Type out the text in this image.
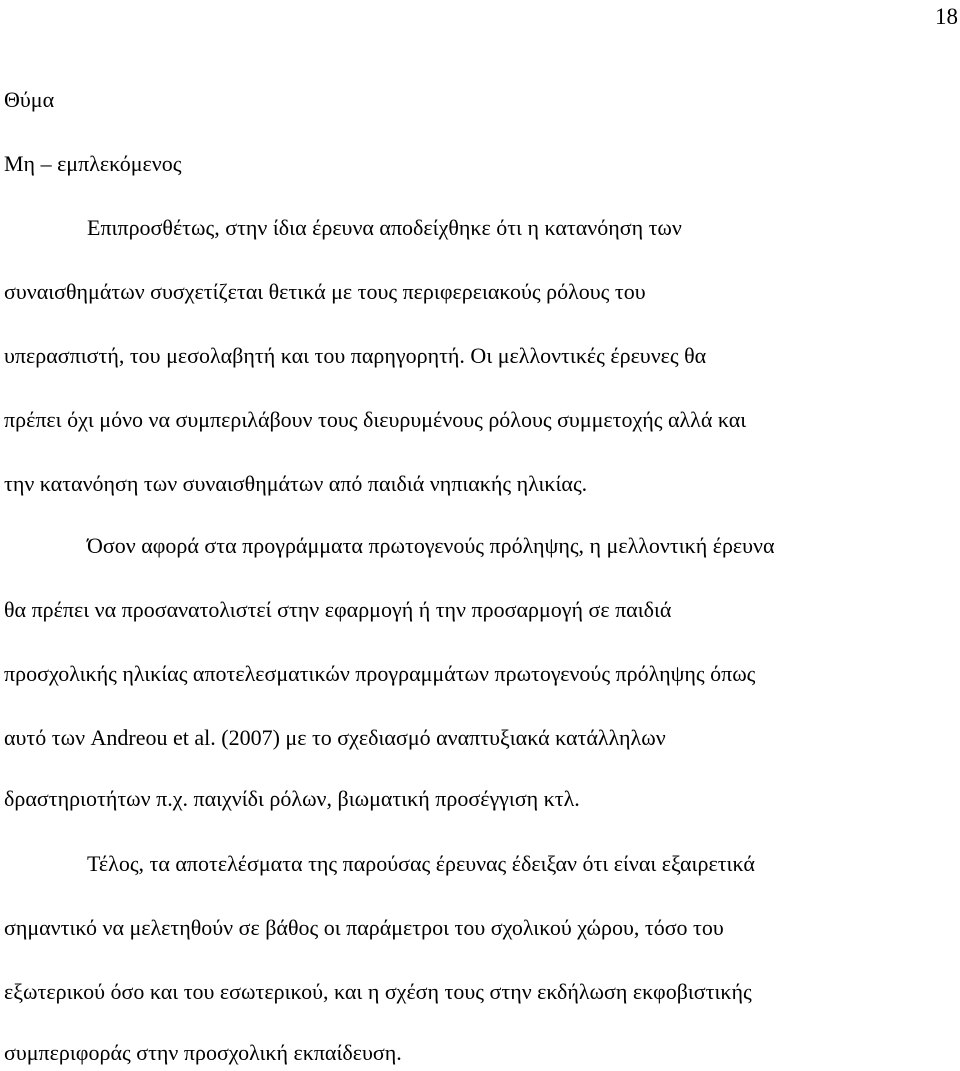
18
Θύμα
Μη – εμπλεκόμενος
Επιπροσθέτως, στην ίδια έρευνα αποδείχθηκε ότι η κατανόηση των
συναισθημάτων συσχετίζεται θετικά με τους περιφερειακούς ρόλους του
υπερασπιστή, του μεσολαβητή και του παρηγορητή. Οι μελλοντικές έρευνες θα
πρέπει όχι μόνο να συμπεριλάβουν τους διευρυμένους ρόλους συμμετοχής αλλά και
την κατανόηση των συναισθημάτων από παιδιά νηπιακής ηλικίας.
Όσον αφορά στα προγράμματα πρωτογενούς πρόληψης, η μελλοντική έρευνα
θα πρέπει να προσανατολιστεί στην εφαρμογή ή την προσαρμογή σε παιδιά
προσχολικής ηλικίας αποτελεσματικών προγραμμάτων πρωτογενούς πρόληψης όπως
αυτό των Andreou et al. (2007) με το σχεδιασμό αναπτυξιακά κατάλληλων
δραστηριοτήτων π.χ. παιχνίδι ρόλων, βιωματική προσέγγιση κτλ.
Τέλος, τα αποτελέσματα της παρούσας έρευνας έδειξαν ότι είναι εξαιρετικά
σημαντικό να μελετηθούν σε βάθος οι παράμετροι του σχολικού χώρου, τόσο του
εξωτερικού όσο και του εσωτερικού, και η σχέση τους στην εκδήλωση εκφοβιστικής
συμπεριφοράς στην προσχολική εκπαίδευση.
